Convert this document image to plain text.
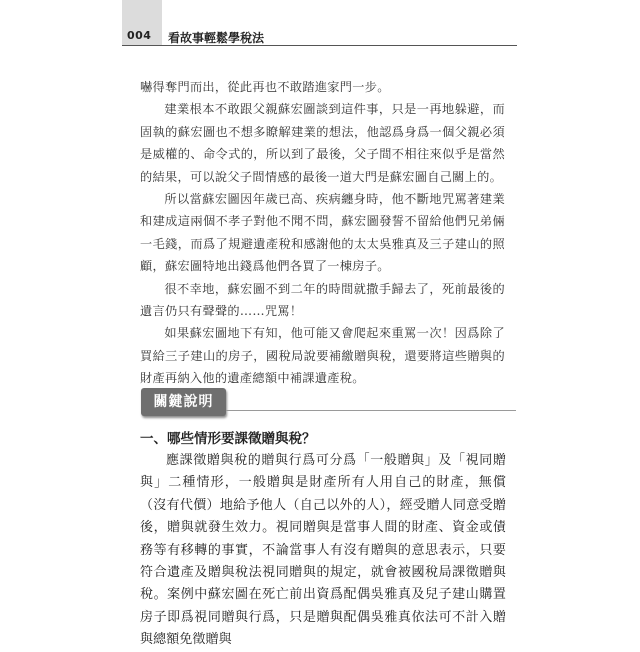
004 看故事輕鬆學稅法

嚇得奪門而出，從此再也不敢踏進家門一步。

建業根本不敢跟父親蘇宏圖談到這件事，只是一再地躲避，而固執的蘇宏圖也不想多瞭解建業的想法，他認爲身爲一個父親必須是威權的、命令式的，所以到了最後，父子間不相往來似乎是當然的結果，可以說父子間情感的最後一道大門是蘇宏圖自己關上的。

所以當蘇宏圖因年歲已高、疾病纏身時，他不斷地咒罵著建業和建成這兩個不孝子對他不聞不問，蘇宏圖發誓不留給他們兄弟倆一毛錢，而爲了規避遺產稅和感謝他的太太吳雅真及三子建山的照顧，蘇宏圖特地出錢爲他們各買了一棟房子。

很不幸地，蘇宏圖不到二年的時間就撒手歸去了，死前最後的遺言仍只有聲聲的……咒罵！

如果蘇宏圖地下有知，他可能又會爬起來重罵一次！因爲除了買給三子建山的房子，國稅局說要補繳贈與稅，還要將這些贈與的財產再納入他的遺產總額中補課遺產稅。

關鍵說明
一、哪些情形要課徵贈與稅？

應課徵贈與稅的贈與行爲可分爲「一般贈與」及「視同贈與」二種情形，一般贈與是財產所有人用自己的財產，無償（沒有代價）地給予他人（自己以外的人），經受贈人同意受贈後，贈與就發生效力。視同贈與是當事人間的財產、資金或債務等有移轉的事實，不論當事人有沒有贈與的意思表示，只要符合遺產及贈與稅法視同贈與的規定，就會被國稅局課徵贈與稅。案例中蘇宏圖在死亡前出資爲配偶吳雅真及兒子建山購置房子即爲視同贈與行爲，只是贈與配偶吳雅真依法可不計入贈與總額免徵贈與
